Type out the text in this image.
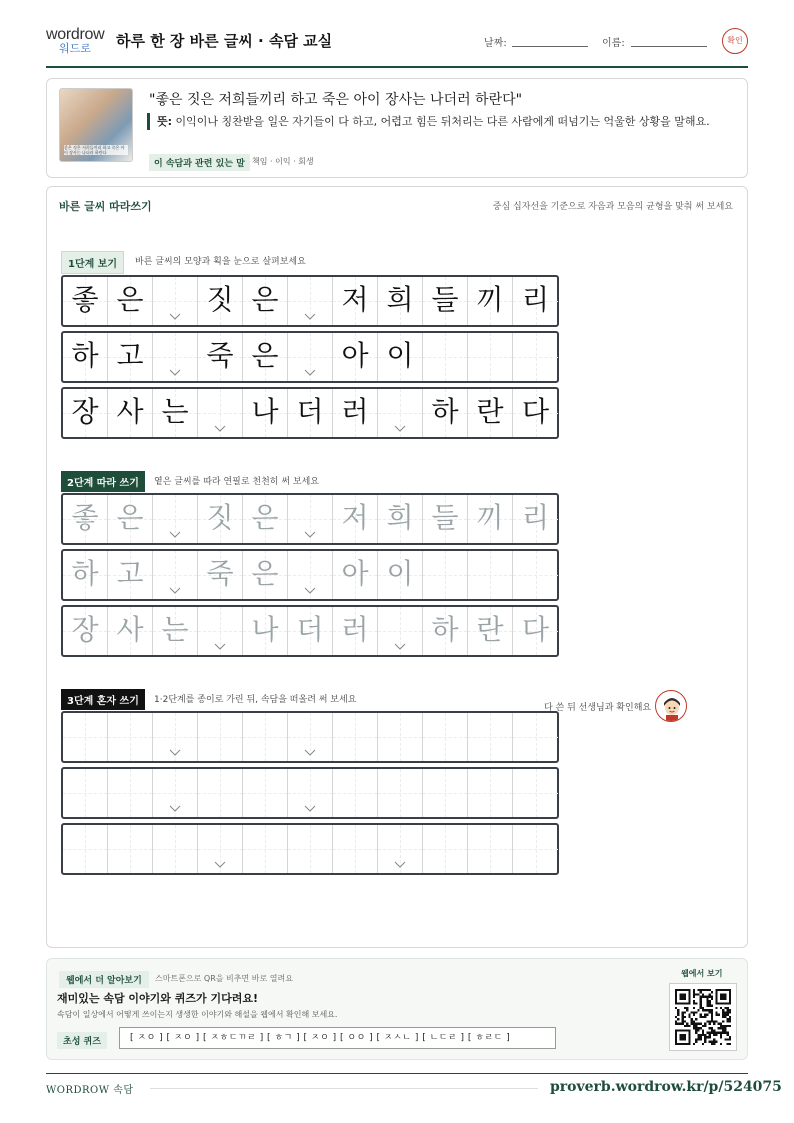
wordrow
워드로 하루 한 장 바른 글씨 · 속담 교실	날짜:	이름:	확인
좋은 짓은 저희들끼리 하고 죽은 아이 장사는 나더러 하란다
"좋은 짓은 저희들끼리 하고 죽은 아이 장사는 나더러 하란다"
뜻: 이익이나 칭찬받을 일은 자기들이 다 하고, 어렵고 힘든 뒤처리는 다른 사람에게 떠넘기는 억울한 상황을 말해요.
이 속담과 관련 있는 말 책임 · 이익 · 회생
바른 글씨 따라쓰기	중심 십자선을 기준으로 자음과 모음의 균형을 맞춰 써 보세요
1단계 보기	바른 글씨의 모양과 획을 눈으로 살펴보세요
좋 은	짓 은	저 희 들 끼 리
하 고	죽 은	아 이
장 사 는	나 더 러	하 란 다
2단계 따라 쓰기	옅은 글씨를 따라 연필로 천천히 써 보세요
좋 은	짓 은	저 희 들 끼 리
하 고	죽 은	아 이
장 사 는	나 더 러	하 란 다
3단계 혼자 쓰기	1·2단계를 종이로 가린 뒤, 속담을 떠올려 써 보세요
다 쓴 뒤 선생님과 확인해요
웹에서 더 알아보기	스마트폰으로 QR을 비추면 바로 열려요
재미있는 속담 이야기와 퀴즈가 기다려요!
속담이 일상에서 어떻게 쓰이는지 생생한 이야기와 해설을 웹에서 확인해 보세요.
초성 퀴즈	[ ㅈㅇ ] [ ㅈㅇ ] [ ㅈㅎㄷㄲㄹ ] [ ㅎㄱ ] [ ㅈㅇ ] [ ㅇㅇ ] [ ㅈㅅㄴ ] [ ㄴㄷㄹ ] [ ㅎㄹㄷ ]
웹에서 보기
WORDROW 속담	proverb.wordrow.kr/p/524075
